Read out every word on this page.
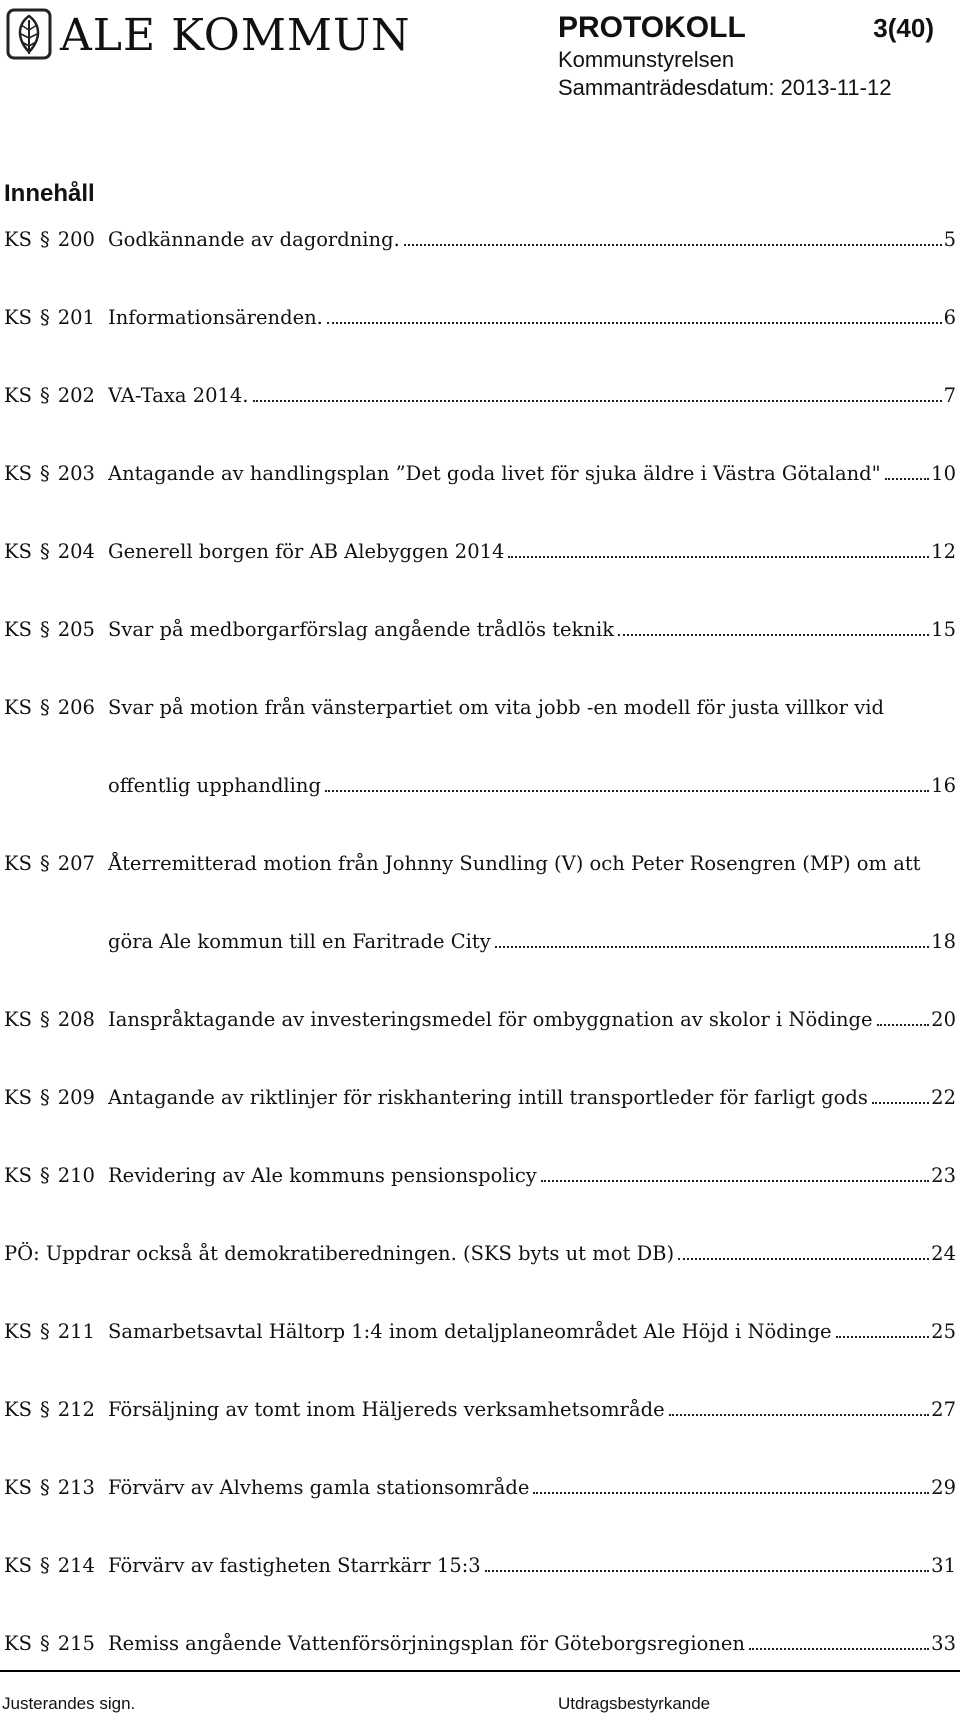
ALE KOMMUN	PROTOKOLL	3(40)
Kommunstyrelsen
Sammanträdesdatum: 2013-11-12
Innehåll
KS § 200 Godkännande av dagordning.	5
KS § 201 Informationsärenden.	6
KS § 202 VA-Taxa 2014.	7
KS § 203 Antagande av handlingsplan ”Det goda livet för sjuka äldre i Västra Götaland"	10
KS § 204 Generell borgen för AB Alebyggen 2014	12
KS § 205 Svar på medborgarförslag angående trådlös teknik	15
KS § 206 Svar på motion från vänsterpartiet om vita jobb -en modell för justa villkor vid
offentlig upphandling	16
KS § 207 Återremitterad motion från Johnny Sundling (V) och Peter Rosengren (MP) om att
göra Ale kommun till en Faritrade City	18
KS § 208 Ianspråktagande av investeringsmedel för ombyggnation av skolor i Nödinge	20
KS § 209 Antagande av riktlinjer för riskhantering intill transportleder för farligt gods	22
KS § 210 Revidering av Ale kommuns pensionspolicy	23
PÖ: Uppdrar också åt demokratiberedningen. (SKS byts ut mot DB)	24
KS § 211 Samarbetsavtal Hältorp 1:4 inom detaljplaneområdet Ale Höjd i Nödinge	25
KS § 212 Försäljning av tomt inom Häljereds verksamhetsområde	27
KS § 213 Förvärv av Alvhems gamla stationsområde	29
KS § 214 Förvärv av fastigheten Starrkärr 15:3	31
KS § 215 Remiss angående Vattenförsörjningsplan för Göteborgsregionen	33
Justerandes sign.	Utdragsbestyrkande
